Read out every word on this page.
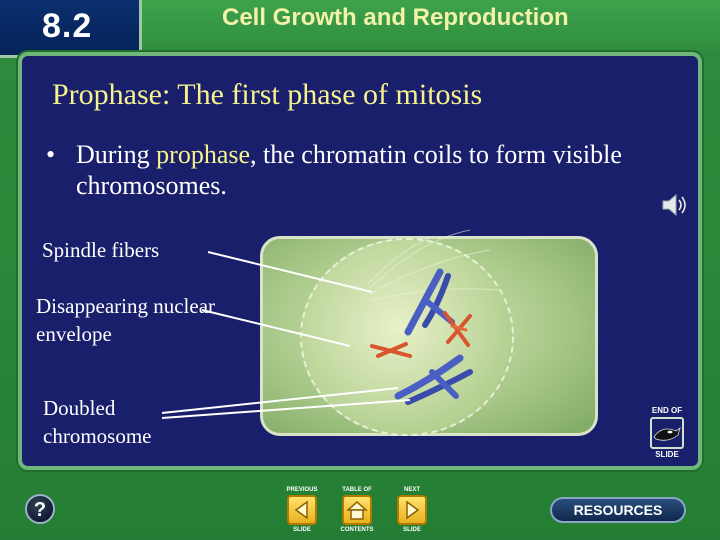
8.2	Cell Growth and Reproduction
Prophase: The first phase of mitosis
• During prophase, the chromatin coils to form visible chromosomes.
Spindle fibers
Disappearing nuclear envelope
Doubled chromosome
END OF
SLIDE
?
PREVIOUS
SLIDE
TABLE OF
CONTENTS
NEXT
SLIDE
RESOURCES
